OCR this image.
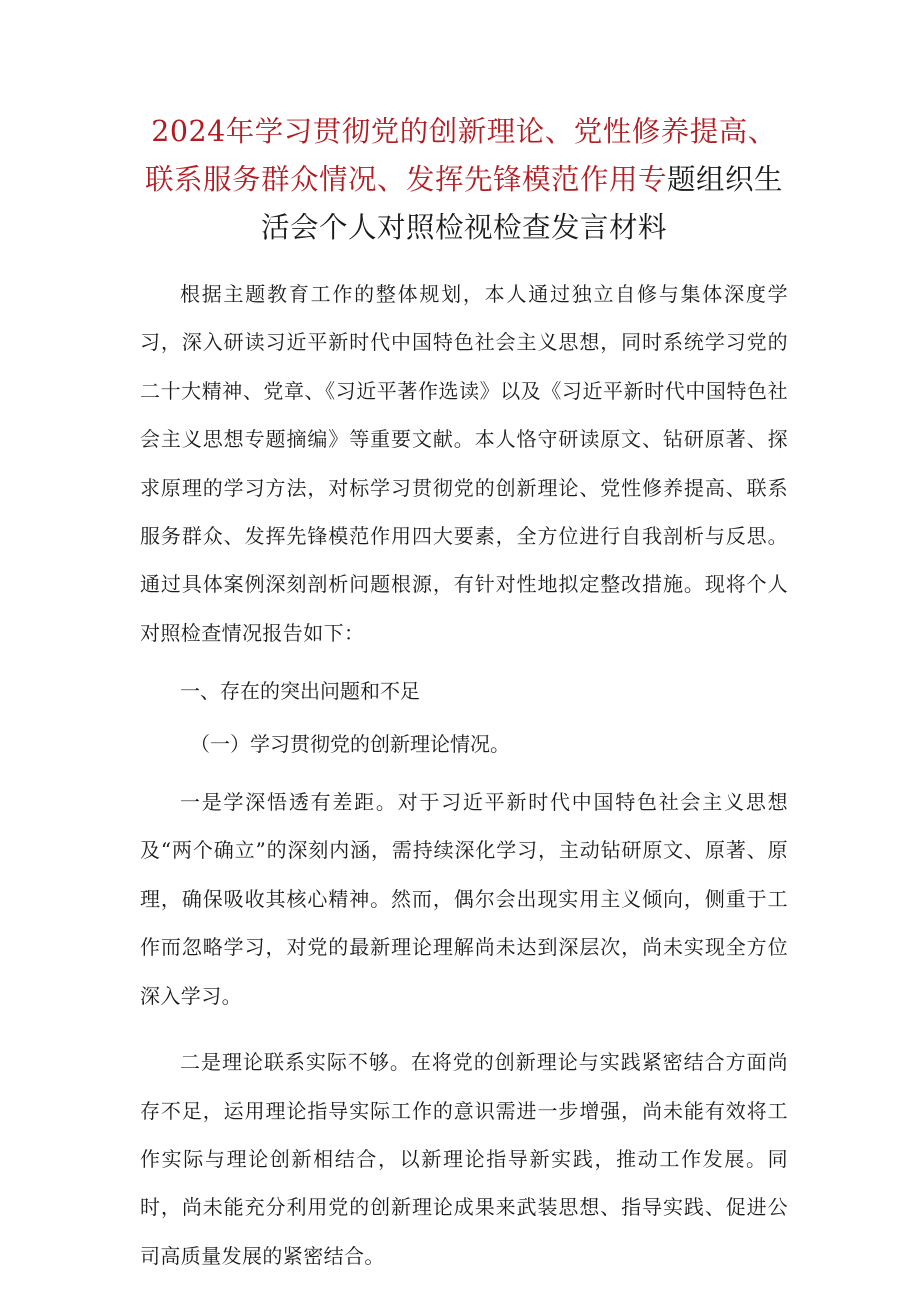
2024年学习贯彻党的创新理论、党性修养提高、联系服务群众情况、发挥先锋模范作用专题组织生活会个人对照检视检查发言材料

根据主题教育工作的整体规划，本人通过独立自修与集体深度学习，深入研读习近平新时代中国特色社会主义思想，同时系统学习党的二十大精神、党章、《习近平著作选读》以及《习近平新时代中国特色社会主义思想专题摘编》等重要文献。本人恪守研读原文、钻研原著、探求原理的学习方法，对标学习贯彻党的创新理论、党性修养提高、联系服务群众、发挥先锋模范作用四大要素，全方位进行自我剖析与反思。通过具体案例深刻剖析问题根源，有针对性地拟定整改措施。现将个人对照检查情况报告如下：

一、存在的突出问题和不足

（一）学习贯彻党的创新理论情况。

一是学深悟透有差距。对于习近平新时代中国特色社会主义思想及“两个确立”的深刻内涵，需持续深化学习，主动钻研原文、原著、原理，确保吸收其核心精神。然而，偶尔会出现实用主义倾向，侧重于工作而忽略学习，对党的最新理论理解尚未达到深层次，尚未实现全方位深入学习。

二是理论联系实际不够。在将党的创新理论与实践紧密结合方面尚存不足，运用理论指导实际工作的意识需进一步增强，尚未能有效将工作实际与理论创新相结合，以新理论指导新实践，推动工作发展。同时，尚未能充分利用党的创新理论成果来武装思想、指导实践、促进公司高质量发展的紧密结合。
